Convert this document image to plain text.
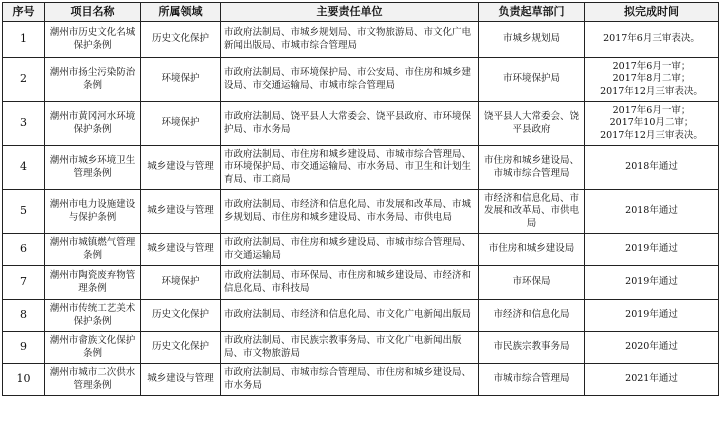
序号	项目名称	所属领域	主要责任单位	负责起草部门	拟完成时间
1	潮州市历史文化名城保护条例	历史文化保护	市政府法制局、市城乡规划局、市文物旅游局、市文化广电新闻出版局、市城市综合管理局	市城乡规划局	2017年6月三审表决。
2	潮州市扬尘污染防治条例	环境保护	市政府法制局、市环境保护局、市公安局、市住房和城乡建设局、市交通运输局、市城市综合管理局	市环境保护局	2017年6月一审；
2017年8月二审；
2017年12月三审表决。
3	潮州市黄冈河水环境保护条例	环境保护	市政府法制局、饶平县人大常委会、饶平县政府、市环境保护局、市水务局	饶平县人大常委会、饶平县政府	2017年6月一审；
2017年10月二审；
2017年12月三审表决。
4	潮州市城乡环境卫生管理条例	城乡建设与管理	市政府法制局、市住房和城乡建设局、市城市综合管理局、市环境保护局、市交通运输局、市水务局、市卫生和计划生育局、市工商局	市住房和城乡建设局、市城市综合管理局	2018年通过
5	潮州市电力设施建设与保护条例	城乡建设与管理	市政府法制局、市经济和信息化局、市发展和改革局、市城乡规划局、市住房和城乡建设局、市水务局、市供电局	市经济和信息化局、市发展和改革局、市供电局	2018年通过
6	潮州市城镇燃气管理条例	城乡建设与管理	市政府法制局、市住房和城乡建设局、市城市综合管理局、市交通运输局	市住房和城乡建设局	2019年通过
7	潮州市陶瓷废弃物管理条例	环境保护	市政府法制局、市环保局、市住房和城乡建设局、市经济和信息化局、市科技局	市环保局	2019年通过
8	潮州市传统工艺美术保护条例	历史文化保护	市政府法制局、市经济和信息化局、市文化广电新闻出版局	市经济和信息化局	2019年通过
9	潮州市畲族文化保护条例	历史文化保护	市政府法制局、市民族宗教事务局、市文化广电新闻出版局、市文物旅游局	市民族宗教事务局	2020年通过
10	潮州市城市二次供水管理条例	城乡建设与管理	市政府法制局、市城市综合管理局、市住房和城乡建设局、市水务局	市城市综合管理局	2021年通过
